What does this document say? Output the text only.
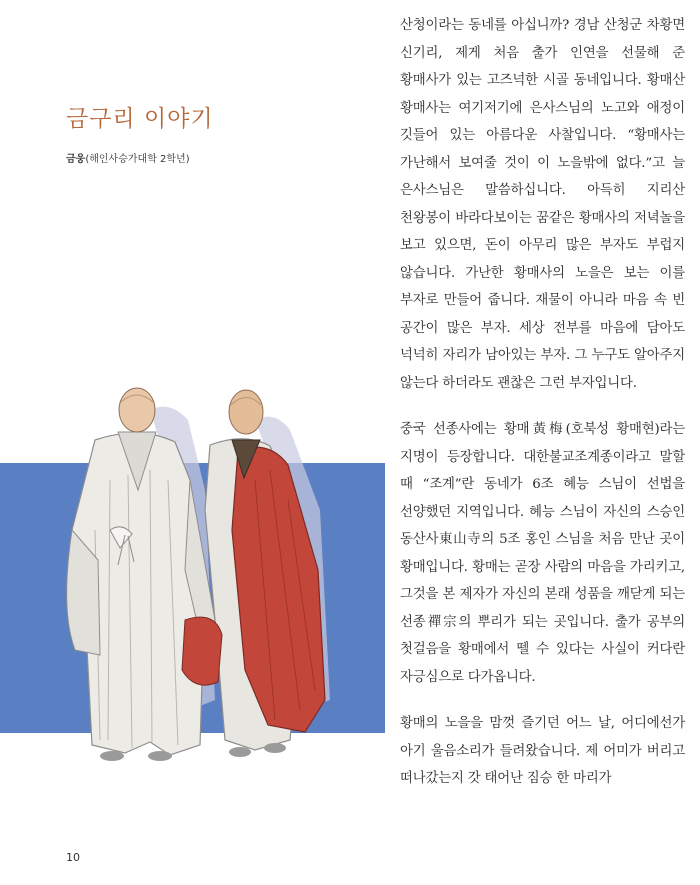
금구리 이야기
금웅(해인사승가대학 2학년)

산청이라는 동네를 아십니까? 경남 산청군 차황면 신기리, 제게 처음 출가 인연을 선물해 준 황매사가 있는 고즈넉한 시골 동네입니다. 황매산 황매사는 여기저기에 은사스님의 노고와 애정이 깃들어 있는 아름다운 사찰입니다. “황매사는 가난해서 보여줄 것이 이 노을밖에 없다.”고 늘 은사스님은 말씀하십니다. 아득히 지리산 천왕봉이 바라다보이는 꿈같은 황매사의 저녁놀을 보고 있으면, 돈이 아무리 많은 부자도 부럽지 않습니다. 가난한 황매사의 노을은 보는 이를 부자로 만들어 줍니다. 재물이 아니라 마음 속 빈 공간이 많은 부자. 세상 전부를 마음에 담아도 넉넉히 자리가 남아있는 부자. 그 누구도 알아주지 않는다 하더라도 괜찮은 그런 부자입니다.

중국 선종사에는 황매黃梅(호북성 황매현)라는 지명이 등장합니다. 대한불교조계종이라고 말할 때 “조계”란 동네가 6조 혜능 스님이 선법을 선양했던 지역입니다. 혜능 스님이 자신의 스승인 동산사東山寺의 5조 홍인 스님을 처음 만난 곳이 황매입니다. 황매는 곧장 사람의 마음을 가리키고, 그것을 본 제자가 자신의 본래 성품을 깨닫게 되는 선종禪宗의 뿌리가 되는 곳입니다. 출가 공부의 첫걸음을 황매에서 뗄 수 있다는 사실이 커다란 자긍심으로 다가옵니다.

황매의 노을을 맘껏 즐기던 어느 날, 어디에선가 아기 울음소리가 들려왔습니다. 제 어미가 버리고 떠나갔는지 갓 태어난 짐승 한 마리가

10
